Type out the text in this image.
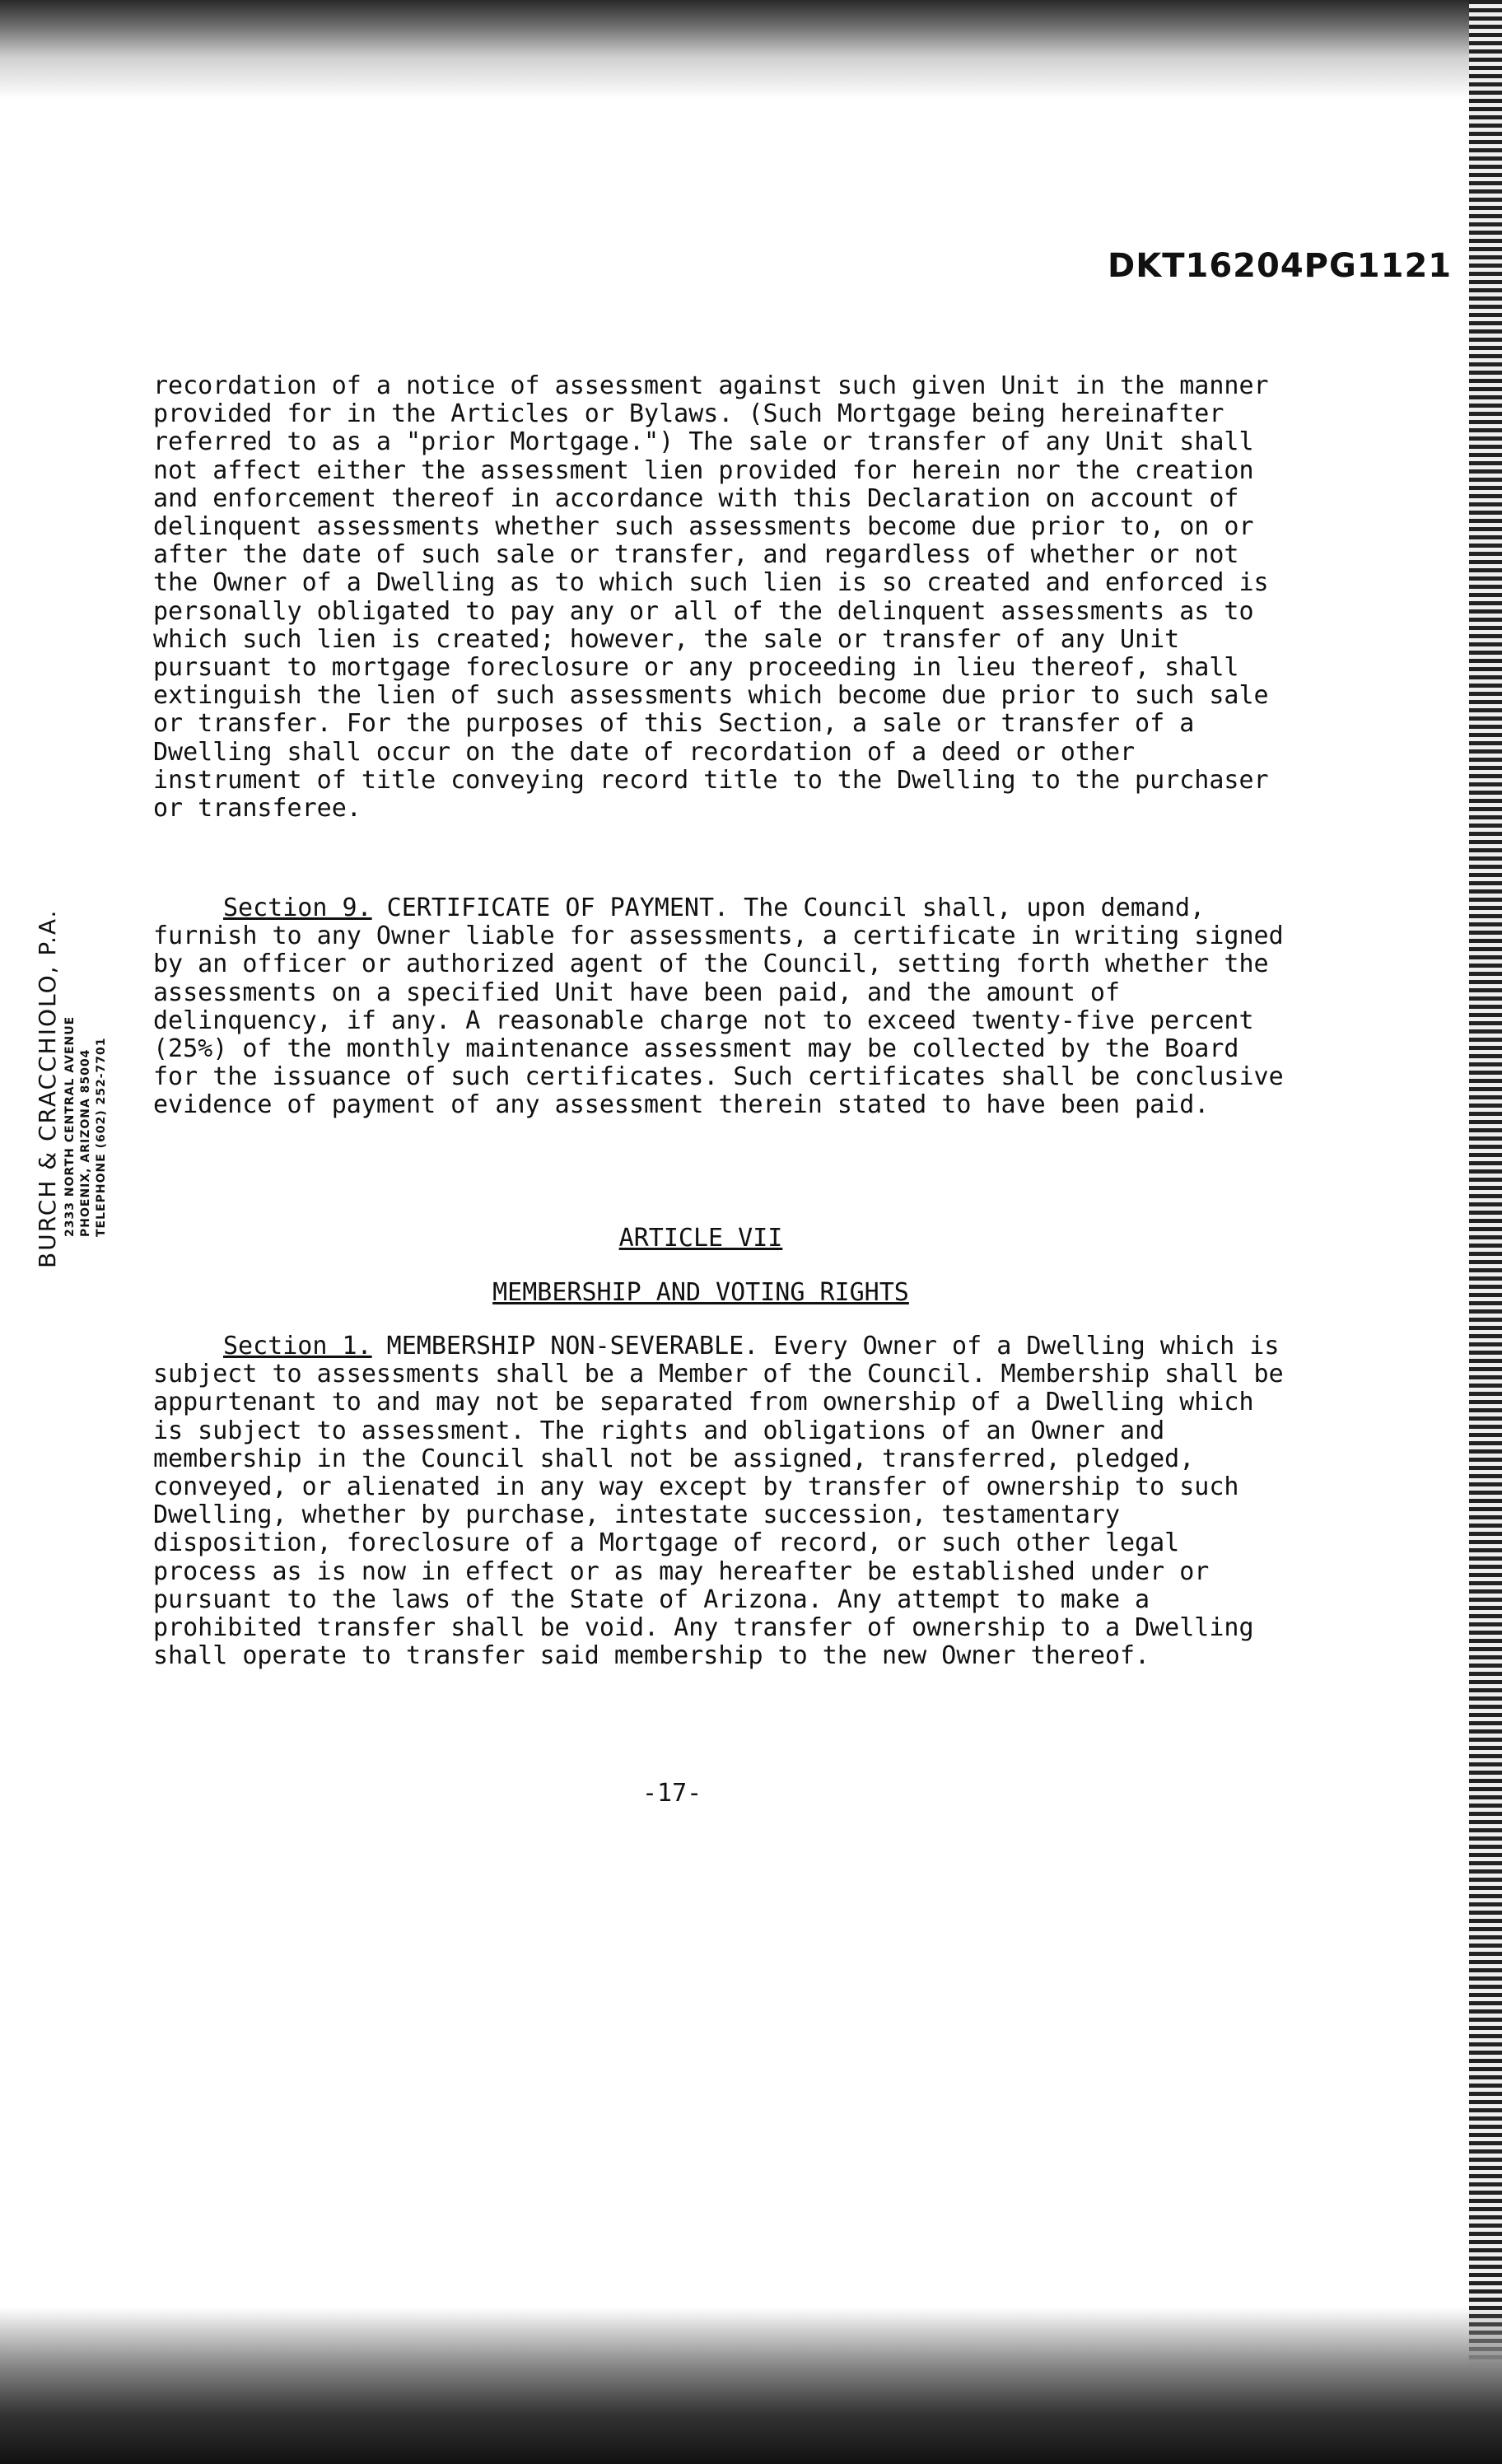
DKT16204PG1121
BURCH & CRACCHIOLO, P.A. 2333 NORTH CENTRAL AVENUE PHOENIX, ARIZONA 85004 TELEPHONE (602) 252-7701

recordation of a notice of assessment against such given Unit in the manner provided for in the Articles or Bylaws. (Such Mortgage being hereinafter referred to as a "prior Mortgage.") The sale or transfer of any Unit shall not affect either the assessment lien provided for herein nor the creation and enforcement thereof in accordance with this Declaration on account of delinquent assessments whether such assessments become due prior to, on or after the date of such sale or transfer, and regardless of whether or not the Owner of a Dwelling as to which such lien is so created and enforced is personally obligated to pay any or all of the delinquent assessments as to which such lien is created; however, the sale or transfer of any Unit pursuant to mortgage foreclosure or any proceeding in lieu thereof, shall extinguish the lien of such assessments which become due prior to such sale or transfer. For the purposes of this Section, a sale or transfer of a Dwelling shall occur on the date of recordation of a deed or other instrument of title conveying record title to the Dwelling to the purchaser or transferee.

Section 9. CERTIFICATE OF PAYMENT. The Council shall, upon demand, furnish to any Owner liable for assessments, a certificate in writing signed by an officer or authorized agent of the Council, setting forth whether the assessments on a specified Unit have been paid, and the amount of delinquency, if any. A reasonable charge not to exceed twenty-five percent (25%) of the monthly maintenance assessment may be collected by the Board for the issuance of such certificates. Such certificates shall be conclusive evidence of payment of any assessment therein stated to have been paid.

ARTICLE VII
MEMBERSHIP AND VOTING RIGHTS

Section 1. MEMBERSHIP NON-SEVERABLE. Every Owner of a Dwelling which is subject to assessments shall be a Member of the Council. Membership shall be appurtenant to and may not be separated from ownership of a Dwelling which is subject to assessment. The rights and obligations of an Owner and membership in the Council shall not be assigned, transferred, pledged, conveyed, or alienated in any way except by transfer of ownership to such Dwelling, whether by purchase, intestate succession, testamentary disposition, foreclosure of a Mortgage of record, or such other legal process as is now in effect or as may hereafter be established under or pursuant to the laws of the State of Arizona. Any attempt to make a prohibited transfer shall be void. Any transfer of ownership to a Dwelling shall operate to transfer said membership to the new Owner thereof.

-17-
